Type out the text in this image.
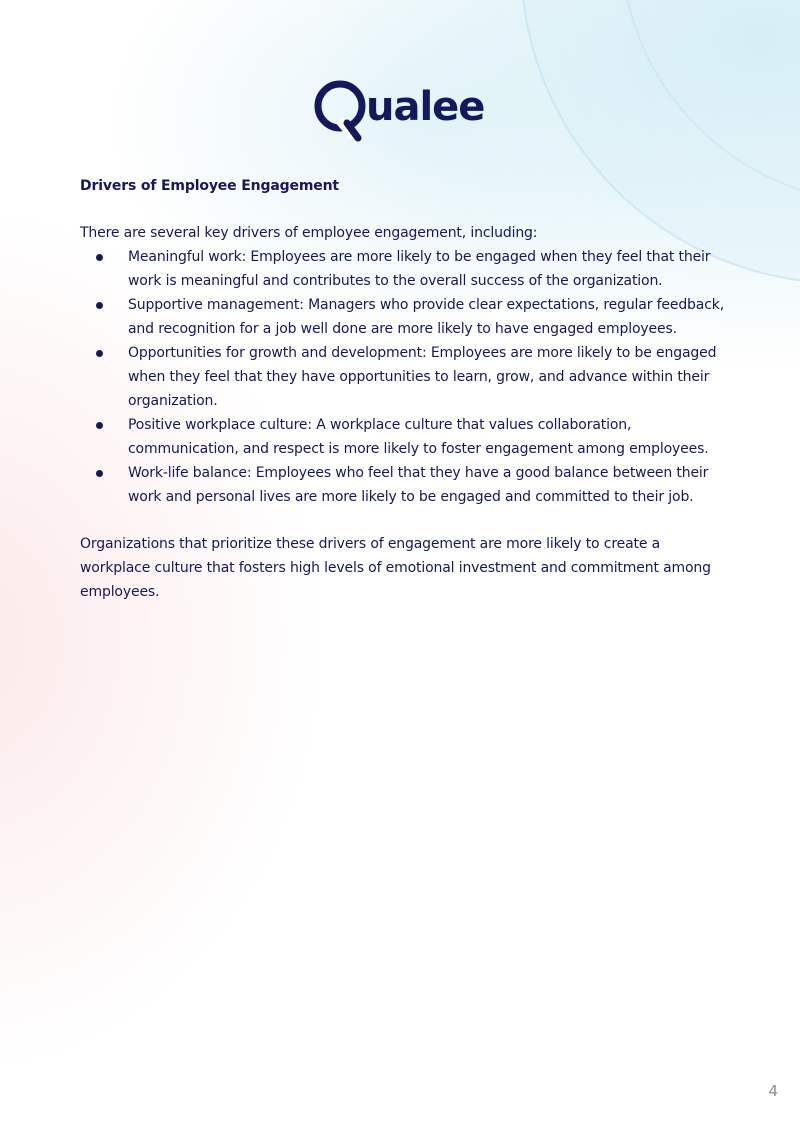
ualee

Drivers of Employee Engagement

There are several key drivers of employee engagement, including:

Meaningful work: Employees are more likely to be engaged when they feel that their work is meaningful and contributes to the overall success of the organization.
Supportive management: Managers who provide clear expectations, regular feedback, and recognition for a job well done are more likely to have engaged employees.
Opportunities for growth and development: Employees are more likely to be engaged when they feel that they have opportunities to learn, grow, and advance within their organization.
Positive workplace culture: A workplace culture that values collaboration, communication, and respect is more likely to foster engagement among employees.
Work-life balance: Employees who feel that they have a good balance between their work and personal lives are more likely to be engaged and committed to their job.

Organizations that prioritize these drivers of engagement are more likely to create a workplace culture that fosters high levels of emotional investment and commitment among employees.

4
